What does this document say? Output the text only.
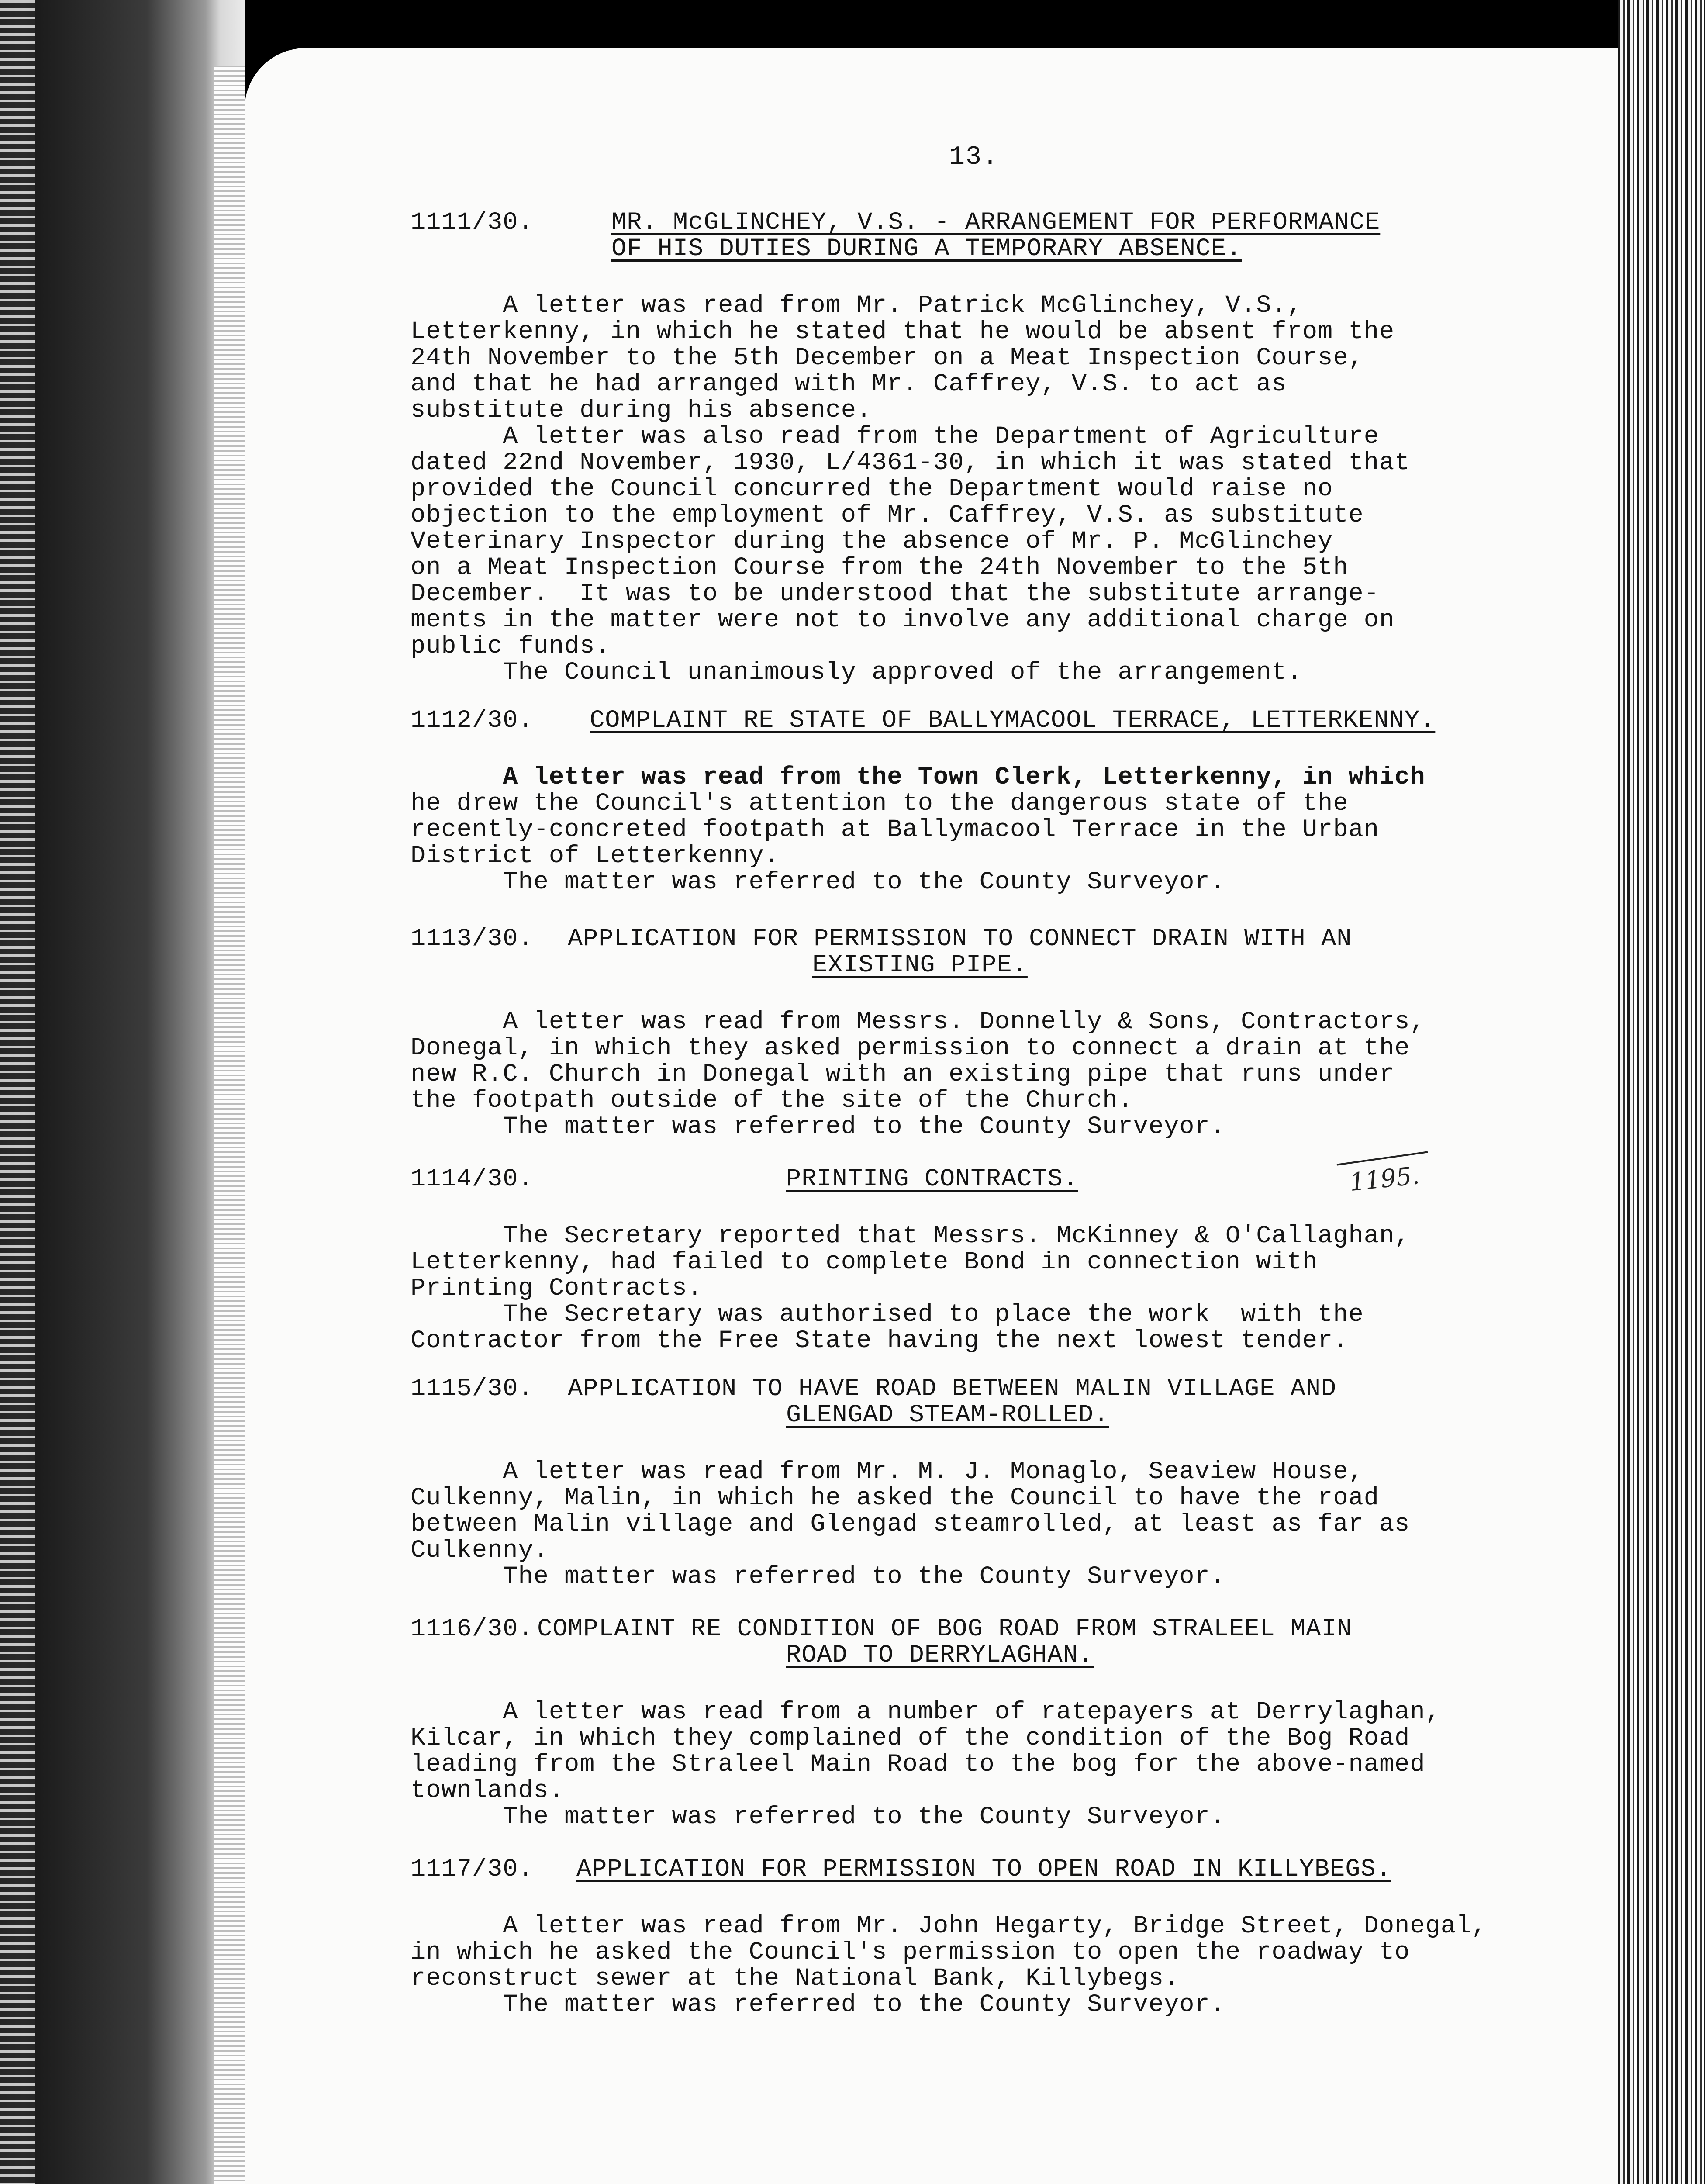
13.
1111/30.	MR. McGLINCHEY, V.S. - ARRANGEMENT FOR PERFORMANCE
OF HIS DUTIES DURING A TEMPORARY ABSENCE.

A letter was read from Mr. Patrick McGlinchey, V.S.,

Letterkenny, in which he stated that he would be absent from the

24th November to the 5th December on a Meat Inspection Course,

and that he had arranged with Mr. Caffrey, V.S. to act as

substitute during his absence.

A letter was also read from the Department of Agriculture

dated 22nd November, 1930, L/4361-30, in which it was stated that

provided the Council concurred the Department would raise no

objection to the employment of Mr. Caffrey, V.S. as substitute

Veterinary Inspector during the absence of Mr. P. McGlinchey

on a Meat Inspection Course from the 24th November to the 5th

December.  It was to be understood that the substitute arrange-

ments in the matter were not to involve any additional charge on

public funds.

The Council unanimously approved of the arrangement.

1112/30. COMPLAINT RE STATE OF BALLYMACOOL TERRACE, LETTERKENNY.

A letter was read from the Town Clerk, Letterkenny, in which

he drew the Council's attention to the dangerous state of the

recently-concreted footpath at Ballymacool Terrace in the Urban

District of Letterkenny.

The matter was referred to the County Surveyor.

1113/30. APPLICATION FOR PERMISSION TO CONNECT DRAIN WITH AN
EXISTING PIPE.

A letter was read from Messrs. Donnelly & Sons, Contractors,

Donegal, in which they asked permission to connect a drain at the

new R.C. Church in Donegal with an existing pipe that runs under

the footpath outside of the site of the Church.

The matter was referred to the County Surveyor.

1114/30.	PRINTING CONTRACTS.	1195.

The Secretary reported that Messrs. McKinney & O'Callaghan,

Letterkenny, had failed to complete Bond in connection with

Printing Contracts.

The Secretary was authorised to place the work  with the

Contractor from the Free State having the next lowest tender.

1115/30. APPLICATION TO HAVE ROAD BETWEEN MALIN VILLAGE AND
GLENGAD STEAM-ROLLED.

A letter was read from Mr. M. J. Monaglo, Seaview House,

Culkenny, Malin, in which he asked the Council to have the road

between Malin village and Glengad steamrolled, at least as far as

Culkenny.

The matter was referred to the County Surveyor.

1116/30. COMPLAINT RE CONDITION OF BOG ROAD FROM STRALEEL MAIN
ROAD TO DERRYLAGHAN.

A letter was read from a number of ratepayers at Derrylaghan,

Kilcar, in which they complained of the condition of the Bog Road

leading from the Straleel Main Road to the bog for the above-named

townlands.

The matter was referred to the County Surveyor.

1117/30. APPLICATION FOR PERMISSION TO OPEN ROAD IN KILLYBEGS.

A letter was read from Mr. John Hegarty, Bridge Street, Donegal,

in which he asked the Council's permission to open the roadway to

reconstruct sewer at the National Bank, Killybegs.

The matter was referred to the County Surveyor.
